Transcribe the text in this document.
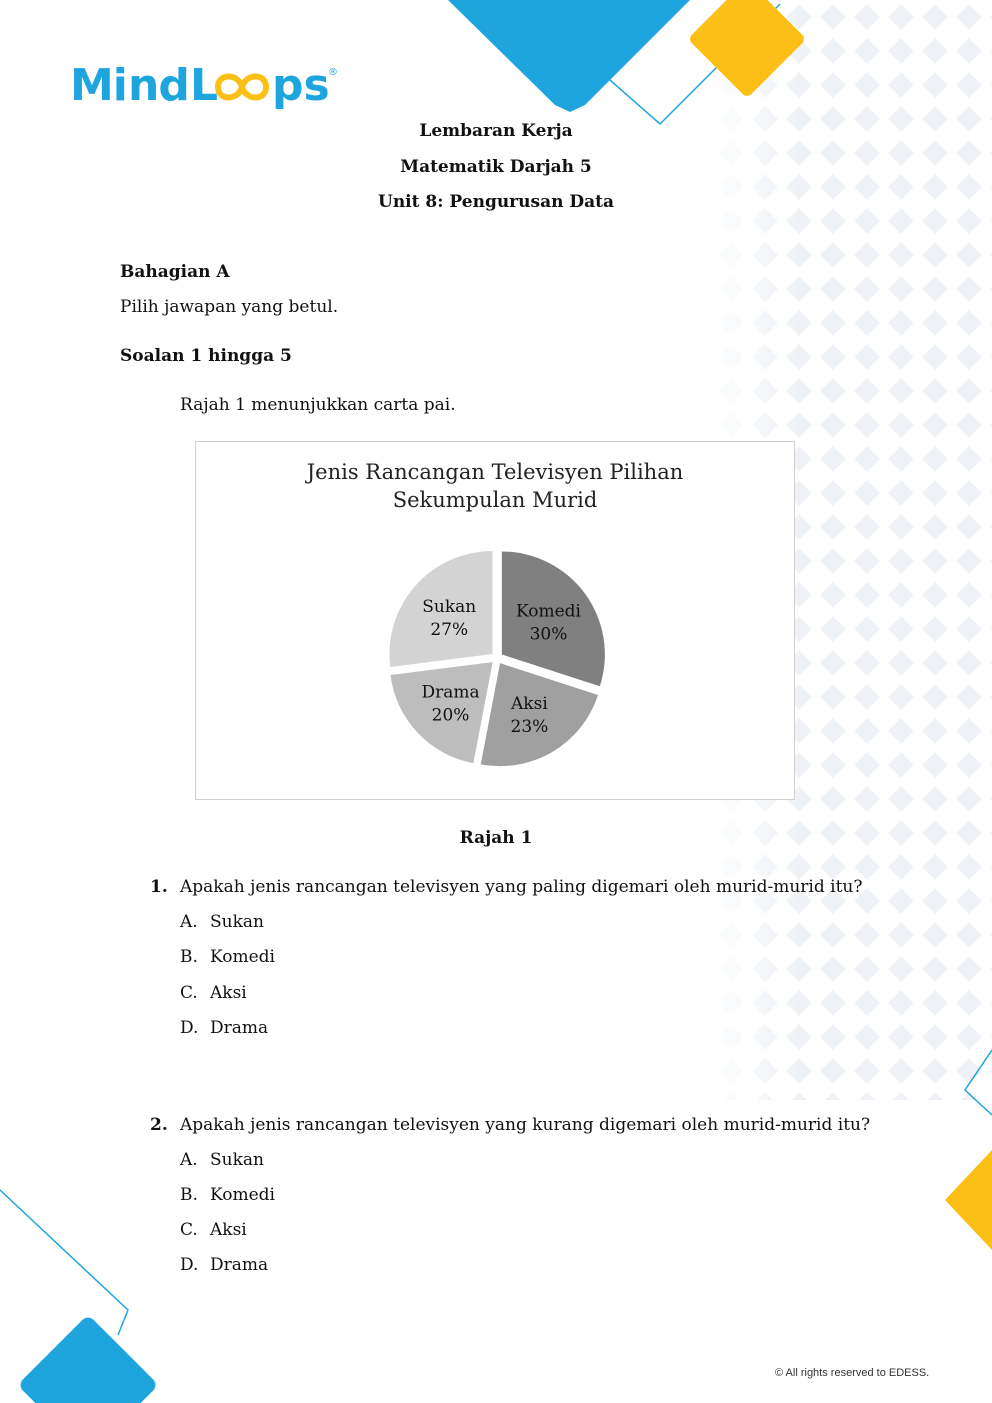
Mi nd L ps
®
Lembaran Kerja
Matematik Darjah 5
Unit 8: Pengurusan Data
Bahagian A
Pilih jawapan yang betul.
Soalan 1 hingga 5
Rajah 1 menunjukkan carta pai.
Jenis Rancangan Televisyen Pilihan
Sekumpulan Murid
Komedi
30%
Aksi
23%
Drama
20%
Sukan
27%
Rajah 1
1. Apakah jenis rancangan televisyen yang paling digemari oleh murid-murid itu?
A. Sukan
B. Komedi
C. Aksi
D. Drama
2. Apakah jenis rancangan televisyen yang kurang digemari oleh murid-murid itu?
A. Sukan
B. Komedi
C. Aksi
D. Drama
© All rights reserved to EDESS.
